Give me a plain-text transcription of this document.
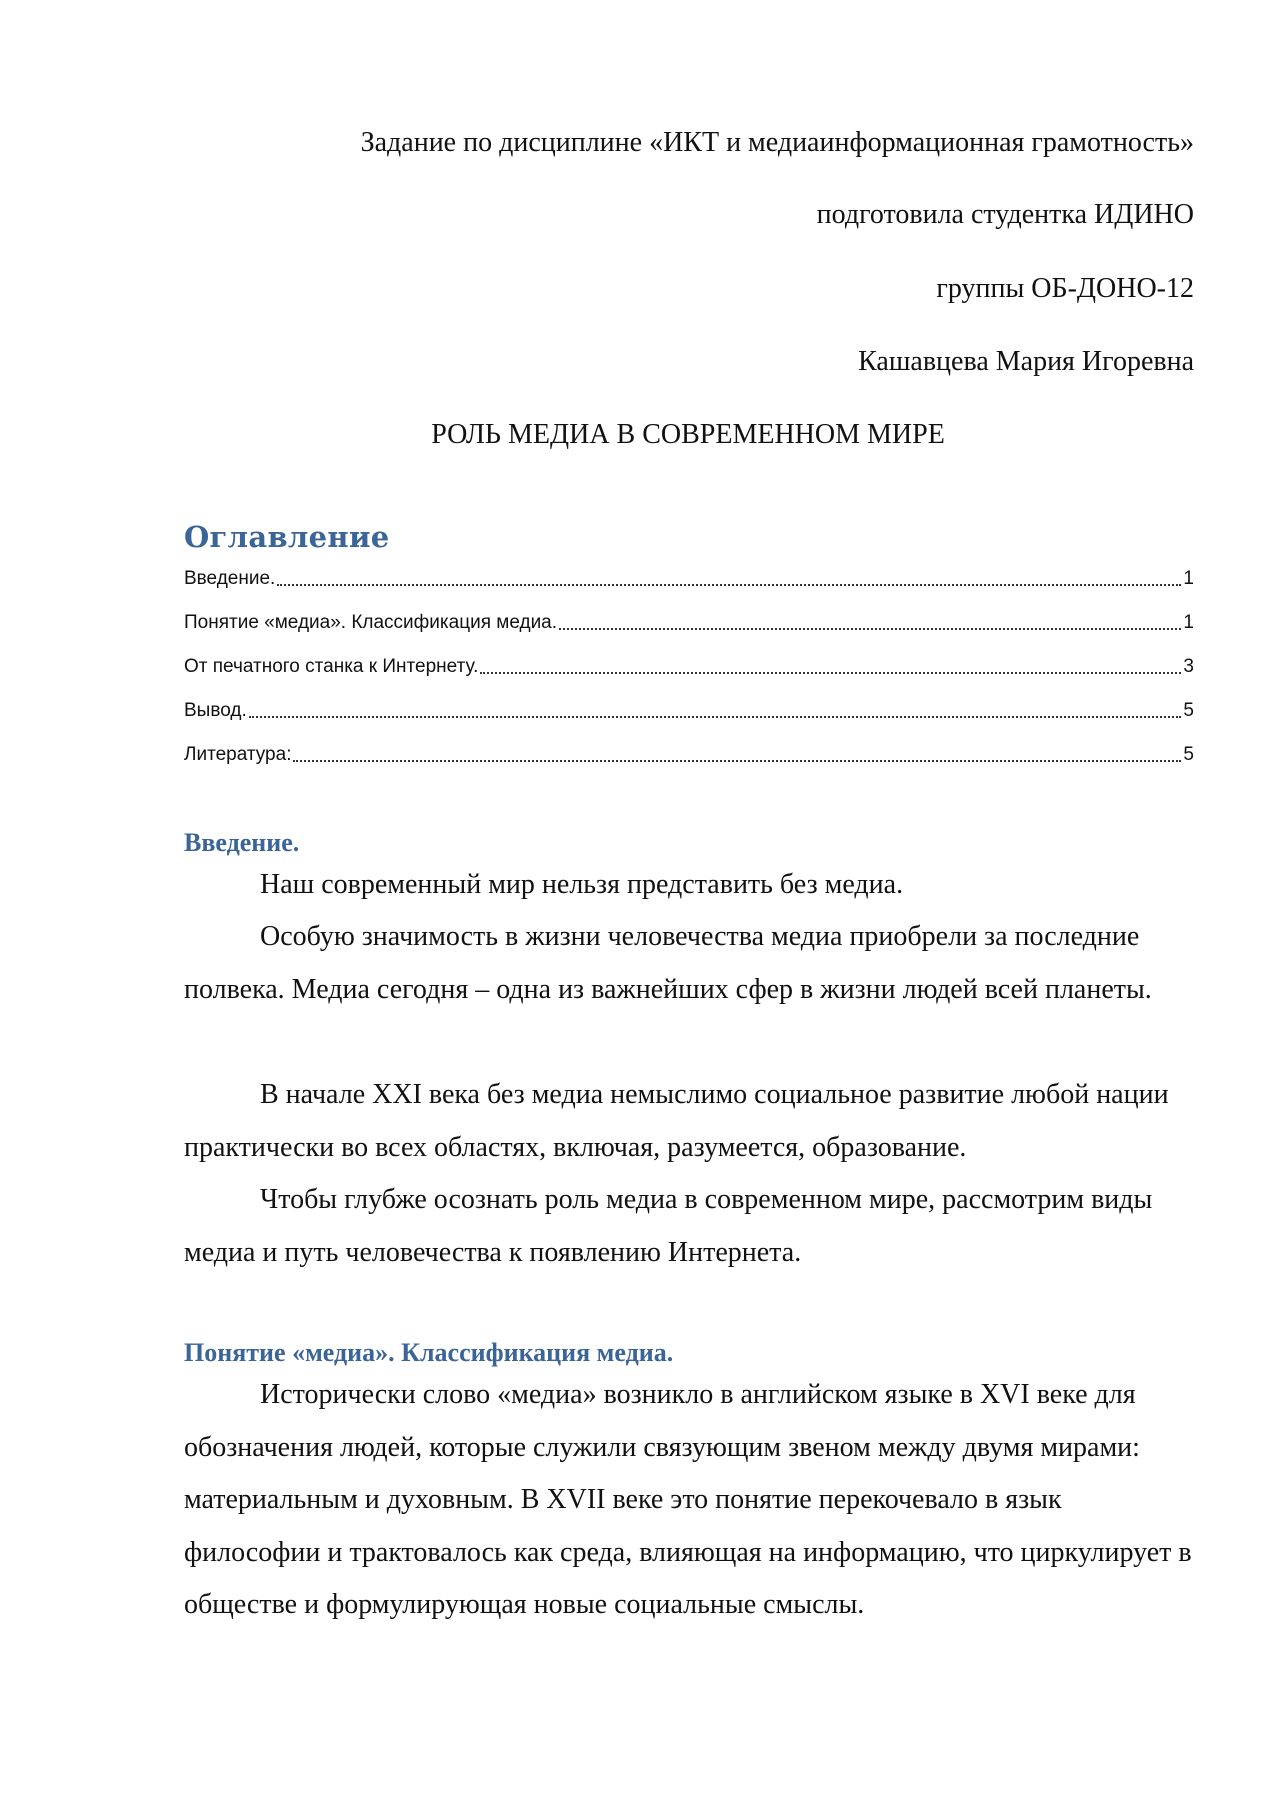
Задание по дисциплине «ИКТ и медиаинформационная грамотность»
подготовила студентка ИДИНО
группы ОБ-ДОНО-12
Кашавцева Мария Игоревна
РОЛЬ МЕДИА В СОВРЕМЕННОМ МИРЕ
Оглавление
Введение.	1
Понятие «медиа». Классификация медиа.	1
От печатного станка к Интернету.	3
Вывод.	5
Литература:	5
Введение.

Наш современный мир нельзя представить без медиа.

Особую значимость в жизни человечества медиа приобрели за последние полвека. Медиа сегодня – одна из важнейших сфер в жизни людей всей планеты.

В начале XXI века без медиа немыслимо социальное развитие любой нации практически во всех областях, включая, разумеется, образование.

Чтобы глубже осознать роль медиа в современном мире, рассмотрим виды медиа и путь человечества к появлению Интернета.

Понятие «медиа». Классификация медиа.

Исторически слово «медиа» возникло в английском языке в XVI веке для обозначения людей, которые служили связующим звеном между двумя мирами: материальным и духовным. В XVII веке это понятие перекочевало в язык философии и трактовалось как среда, влияющая на информацию, что циркулирует в обществе и формулирующая новые социальные смыслы.
